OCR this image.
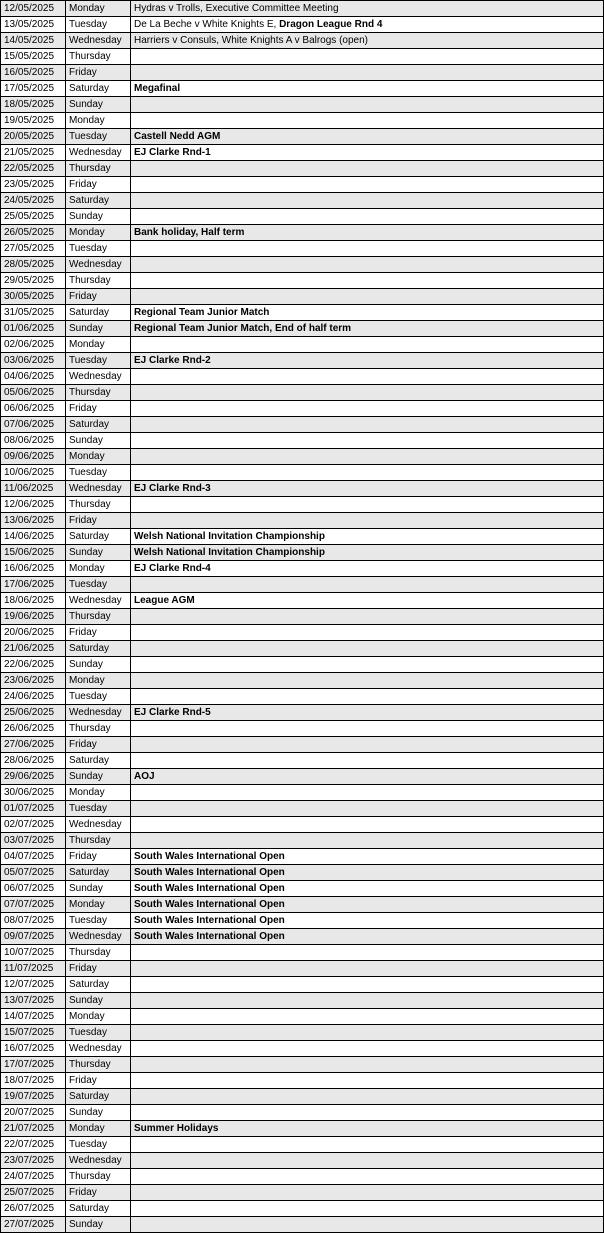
12/05/2025	Monday	Hydras v Trolls, Executive Committee Meeting
13/05/2025	Tuesday	De La Beche v White Knights E, Dragon League Rnd 4
14/05/2025	Wednesday	Harriers v Consuls, White Knights A v Balrogs (open)
15/05/2025	Thursday	
16/05/2025	Friday	
17/05/2025	Saturday	Megafinal
18/05/2025	Sunday	
19/05/2025	Monday	
20/05/2025	Tuesday	Castell Nedd AGM
21/05/2025	Wednesday	EJ Clarke Rnd-1
22/05/2025	Thursday	
23/05/2025	Friday	
24/05/2025	Saturday	
25/05/2025	Sunday	
26/05/2025	Monday	Bank holiday, Half term
27/05/2025	Tuesday	
28/05/2025	Wednesday	
29/05/2025	Thursday	
30/05/2025	Friday	
31/05/2025	Saturday	Regional Team Junior Match
01/06/2025	Sunday	Regional Team Junior Match, End of half term
02/06/2025	Monday	
03/06/2025	Tuesday	EJ Clarke Rnd-2
04/06/2025	Wednesday	
05/06/2025	Thursday	
06/06/2025	Friday	
07/06/2025	Saturday	
08/06/2025	Sunday	
09/06/2025	Monday	
10/06/2025	Tuesday	
11/06/2025	Wednesday	EJ Clarke Rnd-3
12/06/2025	Thursday	
13/06/2025	Friday	
14/06/2025	Saturday	Welsh National Invitation Championship
15/06/2025	Sunday	Welsh National Invitation Championship
16/06/2025	Monday	EJ Clarke Rnd-4
17/06/2025	Tuesday	
18/06/2025	Wednesday	League AGM
19/06/2025	Thursday	
20/06/2025	Friday	
21/06/2025	Saturday	
22/06/2025	Sunday	
23/06/2025	Monday	
24/06/2025	Tuesday	
25/06/2025	Wednesday	EJ Clarke Rnd-5
26/06/2025	Thursday	
27/06/2025	Friday	
28/06/2025	Saturday	
29/06/2025	Sunday	AOJ
30/06/2025	Monday	
01/07/2025	Tuesday	
02/07/2025	Wednesday	
03/07/2025	Thursday	
04/07/2025	Friday	South Wales International Open
05/07/2025	Saturday	South Wales International Open
06/07/2025	Sunday	South Wales International Open
07/07/2025	Monday	South Wales International Open
08/07/2025	Tuesday	South Wales International Open
09/07/2025	Wednesday	South Wales International Open
10/07/2025	Thursday	
11/07/2025	Friday	
12/07/2025	Saturday	
13/07/2025	Sunday	
14/07/2025	Monday	
15/07/2025	Tuesday	
16/07/2025	Wednesday	
17/07/2025	Thursday	
18/07/2025	Friday	
19/07/2025	Saturday	
20/07/2025	Sunday	
21/07/2025	Monday	Summer Holidays
22/07/2025	Tuesday	
23/07/2025	Wednesday	
24/07/2025	Thursday	
25/07/2025	Friday	
26/07/2025	Saturday	
27/07/2025	Sunday	
